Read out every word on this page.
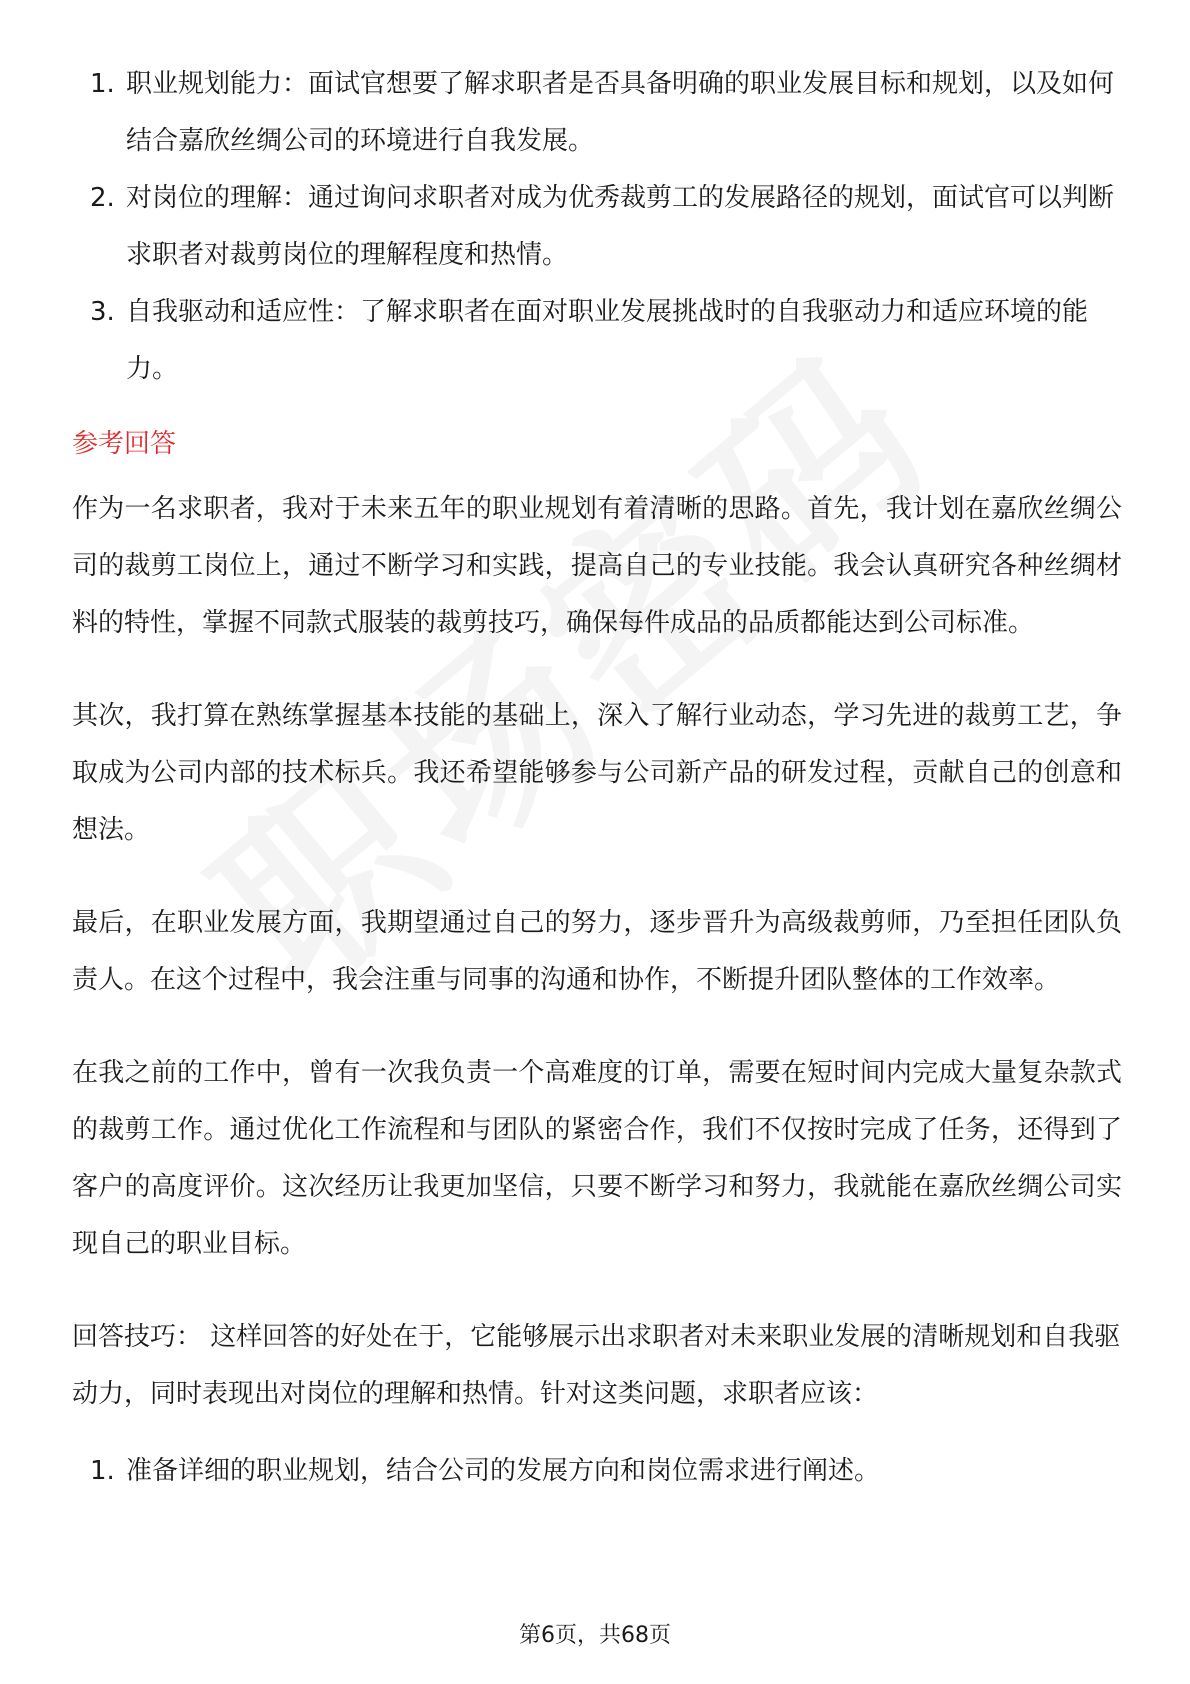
1. 职业规划能力：面试官想要了解求职者是否具备明确的职业发展目标和规划，以及如何结合嘉欣丝绸公司的环境进行自我发展。
2. 对岗位的理解：通过询问求职者对成为优秀裁剪工的发展路径的规划，面试官可以判断求职者对裁剪岗位的理解程度和热情。
3. 自我驱动和适应性：了解求职者在面对职业发展挑战时的自我驱动力和适应环境的能力。
参考回答

作为一名求职者，我对于未来五年的职业规划有着清晰的思路。首先，我计划在嘉欣丝绸公司的裁剪工岗位上，通过不断学习和实践，提高自己的专业技能。我会认真研究各种丝绸材料的特性，掌握不同款式服装的裁剪技巧，确保每件成品的品质都能达到公司标准。

其次，我打算在熟练掌握基本技能的基础上，深入了解行业动态，学习先进的裁剪工艺，争取成为公司内部的技术标兵。我还希望能够参与公司新产品的研发过程，贡献自己的创意和想法。

最后，在职业发展方面，我期望通过自己的努力，逐步晋升为高级裁剪师，乃至担任团队负责人。在这个过程中，我会注重与同事的沟通和协作，不断提升团队整体的工作效率。

在我之前的工作中，曾有一次我负责一个高难度的订单，需要在短时间内完成大量复杂款式的裁剪工作。通过优化工作流程和与团队的紧密合作，我们不仅按时完成了任务，还得到了客户的高度评价。这次经历让我更加坚信，只要不断学习和努力，我就能在嘉欣丝绸公司实现自己的职业目标。

回答技巧： 这样回答的好处在于，它能够展示出求职者对未来职业发展的清晰规划和自我驱动力，同时表现出对岗位的理解和热情。针对这类问题，求职者应该：

1. 准备详细的职业规划，结合公司的发展方向和岗位需求进行阐述。
第6页，共68页
